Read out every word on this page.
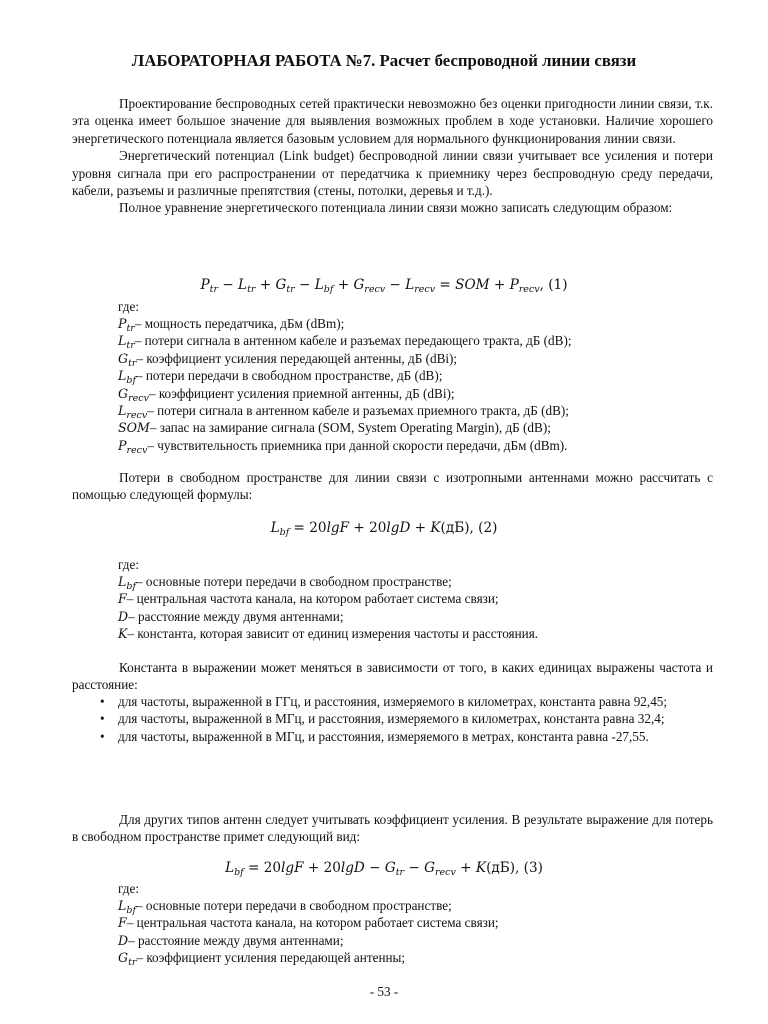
ЛАБОРАТОРНАЯ РАБОТА №7. Расчет беспроводной линии связи

Проектирование беспроводных сетей практически невозможно без оценки пригодности линии связи, т.к. эта оценка имеет большое значение для выявления возможных проблем в ходе установки. Наличие хорошего энергетического потенциала является базовым условием для нормального функционирования линии связи.

Энергетический потенциал (Link budget) беспроводной линии связи учитывает все усиления и потери уровня сигнала при его распространении от передатчика к приемнику через беспроводную среду передачи, кабели, разъемы и различные препятствия (стены, потолки, деревья и т.д.).

Полное уравнение энергетического потенциала линии связи можно записать следующим образом:

$P_{tr} - L_{tr} + G_{tr} - L_{bf} + G_{recv} - L_{recv}$ = SOM + $P_{recv}$, (1)
где:
$P_{tr}-$ мощность передатчика, дБм (dBm);
$L_{tr}-$ потери сигнала в антенном кабеле и разъемах передающего тракта, дБ (dB);
$G_{tr}-$ коэффициент усиления передающей антенны, дБ (dBi);
$L_{bf}-$ потери передачи в свободном пространстве, дБ (dB);
$G_{recv}-$ коэффициент усиления приемной антенны, дБ (dBi);
$L_{recv}-$ потери сигнала в антенном кабеле и разъемах приемного тракта, дБ (dB);
SOM– запас на замирание сигнала (SOM, System Operating Margin), дБ (dB);
$P_{recv}-$ чувствительность приемника при данной скорости передачи, дБм (dBm).

Потери в свободном пространстве для линии связи с изотропными антеннами можно рассчитать с помощью следующей формулы:

$L_{bf} = 20\lg F + 20\lg D + K(дБ)$, (2)
где:
$L_{bf}-$ основные потери передачи в свободном пространстве;
F– центральная частота канала, на котором работает система связи;
D– расстояние между двумя антеннами;
K– константа, которая зависит от единиц измерения частоты и расстояния.

Константа в выражении может меняться в зависимости от того, в каких единицах выражены частота и расстояние:

• для частоты, выраженной в ГГц, и расстояния, измеряемого в километрах, константа равна 92,45;
• для частоты, выраженной в МГц, и расстояния, измеряемого в километрах, константа равна 32,4;
• для частоты, выраженной в МГц, и расстояния, измеряемого в метрах, константа равна -27,55.

Для других типов антенн следует учитывать коэффициент усиления. В результате выражение для потерь в свободном пространстве примет следующий вид:

$L_{bf} = 20\lg F + 20\lg D - G_{tr} - G_{recv} + K(дБ)$, (3)
где:
$L_{bf}-$ основные потери передачи в свободном пространстве;
F– центральная частота канала, на котором работает система связи;
D– расстояние между двумя антеннами;
$G_{tr}-$ коэффициент усиления передающей антенны;
- 53 -
